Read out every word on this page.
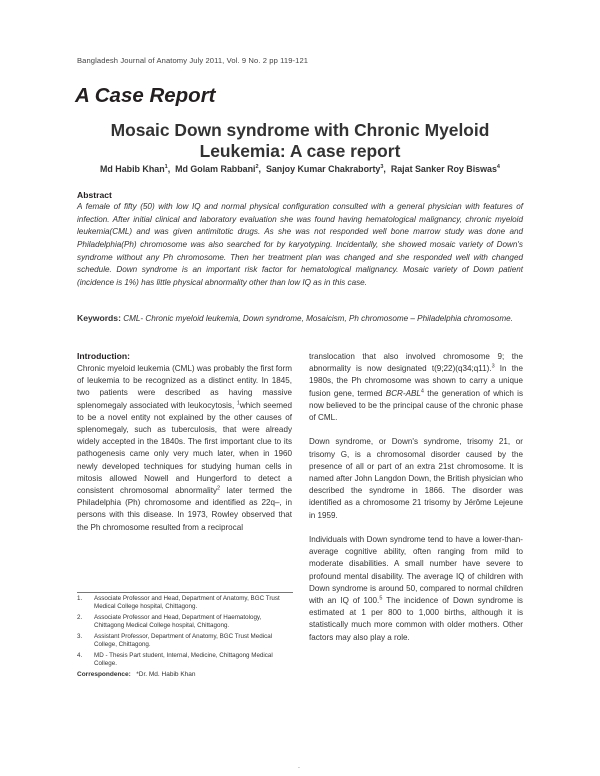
Bangladesh Journal of Anatomy July 2011, Vol. 9 No. 2 pp 119-121
A Case Report
Mosaic Down syndrome with Chronic Myeloid
Leukemia: A case report
Md Habib Khan$^1$,  Md Golam Rabbani$^2$,  Sanjoy Kumar Chakraborty$^3$,  Rajat Sanker Roy Biswas$^4$
Abstract
A female of fifty (50) with low IQ and normal physical configuration consulted with a general physician with features of infection. After initial clinical and laboratory evaluation she was found having hematological malignancy, chronic myeloid leukemia(CML) and was given antimitotic drugs. As she was not responded well bone marrow study was done and Philadelphia(Ph) chromosome was also searched for by karyotyping. Incidentally, she showed mosaic variety of Down's syndrome without any Ph chromosome. Then her treatment plan was changed and she responded well with changed schedule. Down syndrome is an important risk factor for hematological malignancy. Mosaic variety of Down patient (incidence is 1%) has little physical abnormality other than low IQ as in this case.
Keywords: CML- Chronic myeloid leukemia, Down syndrome, Mosaicism, Ph chromosome – Philadelphia chromosome.
Introduction:

Chronic myeloid leukemia (CML) was probably the first form of leukemia to be recognized as a distinct entity. In 1845, two patients were described as having massive splenomegaly associated with leukocytosis, $^1$which seemed to be a novel entity not explained by the other causes of splenomegaly, such as tuberculosis, that were already widely accepted in the 1840s. The first important clue to its pathogenesis came only very much later, when in 1960 newly developed techniques for studying human cells in mitosis allowed Nowell and Hungerford to detect a consistent chromosomal abnormality$^2$ later termed the Philadelphia (Ph) chromosome and identified as 22q–, in persons with this disease. In 1973, Rowley observed that the Ph chromosome resulted from a reciprocal

translocation that also involved chromosome 9; the abnormality is now designated t(9;22)(q34;q11).$^3$ In the 1980s, the Ph chromosome was shown to carry a unique fusion gene, termed BCR-ABL$^4$ the generation of which is now believed to be the principal cause of the chronic phase of CML.

Down syndrome, or Down's syndrome, trisomy 21, or trisomy G, is a chromosomal disorder caused by the presence of all or part of an extra 21st chromosome. It is named after John Langdon Down, the British physician who described the syndrome in 1866. The disorder was identified as a chromosome 21 trisomy by Jérôme Lejeune in 1959.

Individuals with Down syndrome tend to have a lower-than-average cognitive ability, often ranging from mild to moderate disabilities. A small number have severe to profound mental disability. The average IQ of children with Down syndrome is around 50, compared to normal children with an IQ of 100.$^5$ The incidence of Down syndrome is estimated at 1 per 800 to 1,000 births, although it is statistically much more common with older mothers. Other factors may also play a role.

1. Associate Professor and Head, Department of Anatomy, BGC Trust Medical College hospital, Chittagong.
2. Associate Professor and Head, Department of Haematology, Chittagong Medical College hospital, Chittagong.
3. Assistant Professor, Department of Anatomy, BGC Trust Medical College, Chittagong.
4. MD - Thesis Part student, Internal, Medicine, Chittagong Medical College.
Correspondence: *Dr. Md. Habib Khan
.
